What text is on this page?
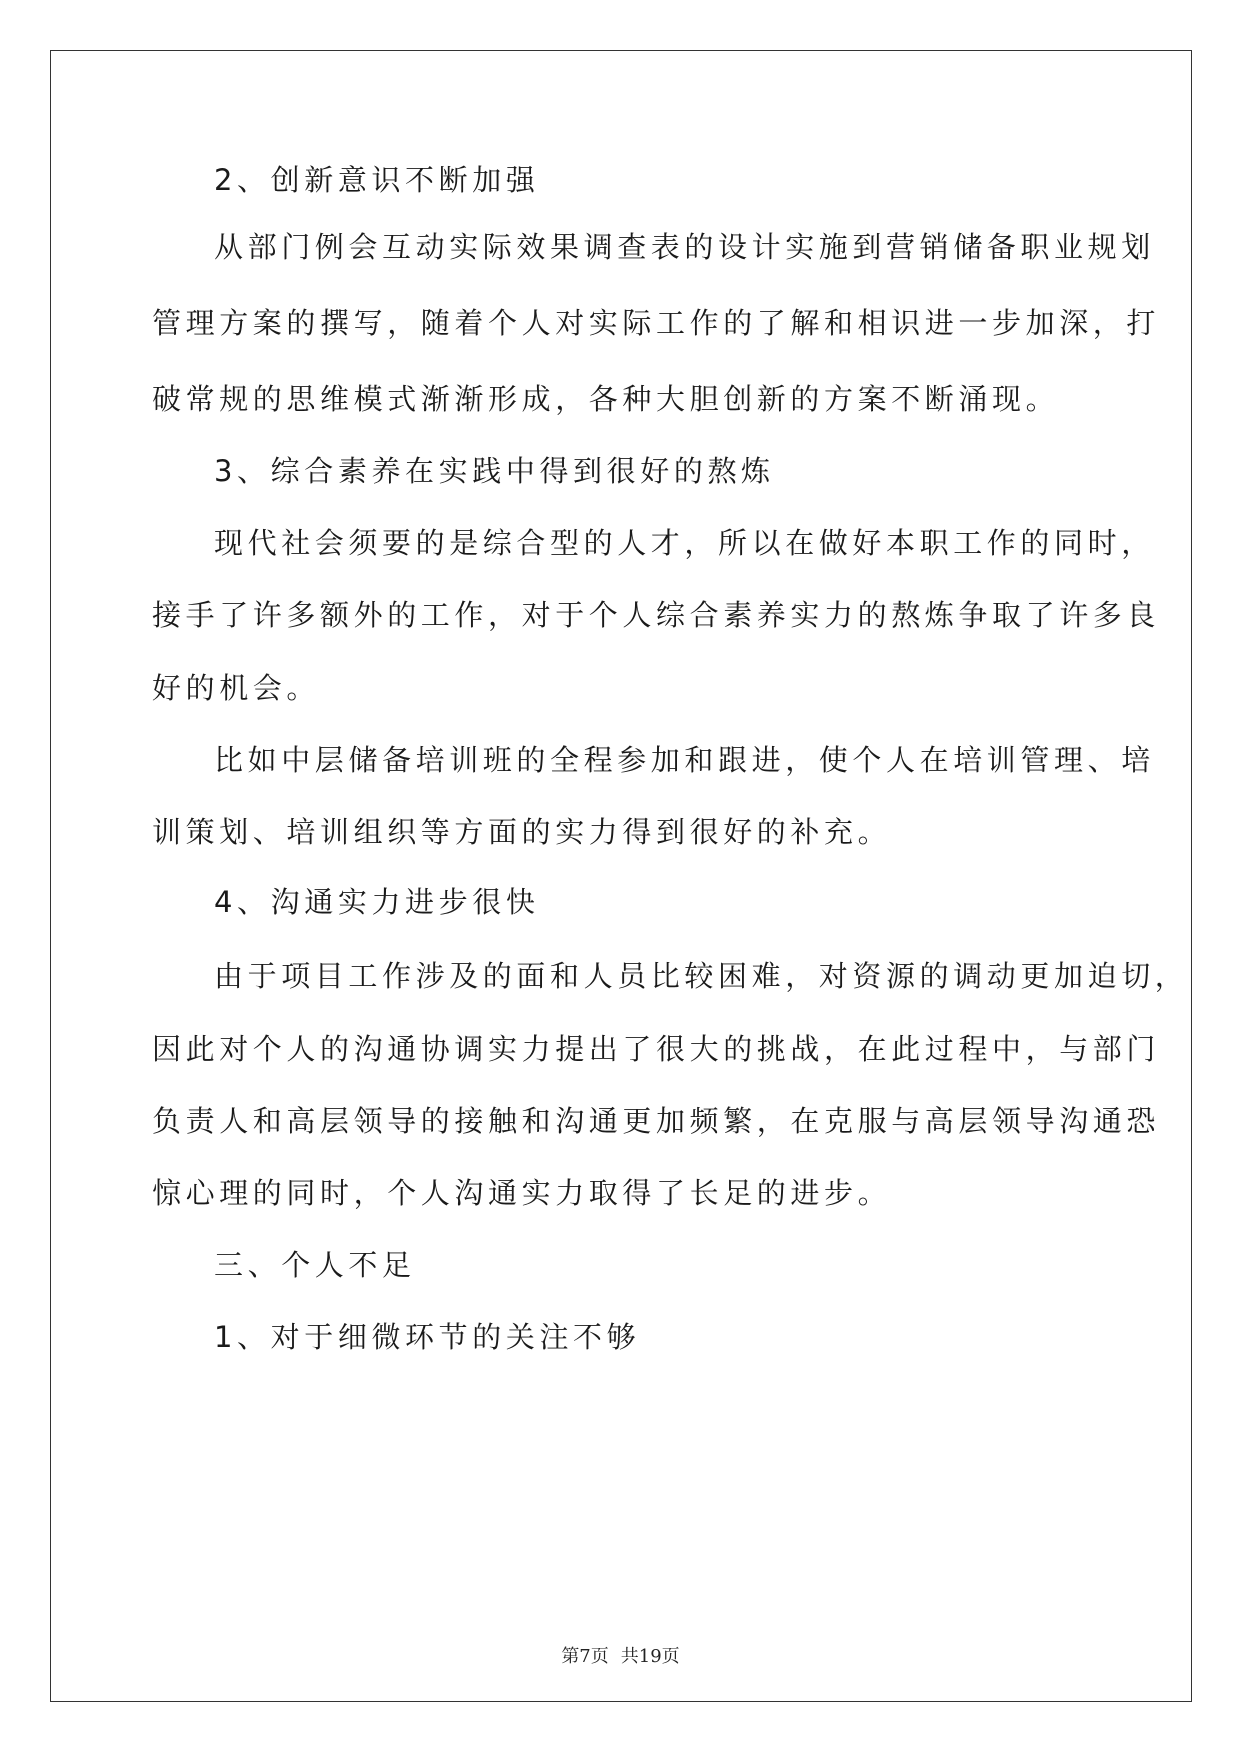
2、创新意识不断加强
从部门例会互动实际效果调查表的设计实施到营销储备职业规划
管理方案的撰写，随着个人对实际工作的了解和相识进一步加深，打
破常规的思维模式渐渐形成，各种大胆创新的方案不断涌现。
3、综合素养在实践中得到很好的熬炼
现代社会须要的是综合型的人才，所以在做好本职工作的同时，
接手了许多额外的工作，对于个人综合素养实力的熬炼争取了许多良
好的机会。
比如中层储备培训班的全程参加和跟进，使个人在培训管理、培
训策划、培训组织等方面的实力得到很好的补充。
4、沟通实力进步很快
由于项目工作涉及的面和人员比较困难，对资源的调动更加迫切，
因此对个人的沟通协调实力提出了很大的挑战，在此过程中，与部门
负责人和高层领导的接触和沟通更加频繁，在克服与高层领导沟通恐
惊心理的同时，个人沟通实力取得了长足的进步。
三、个人不足
1、对于细微环节的关注不够
第7页 共19页
